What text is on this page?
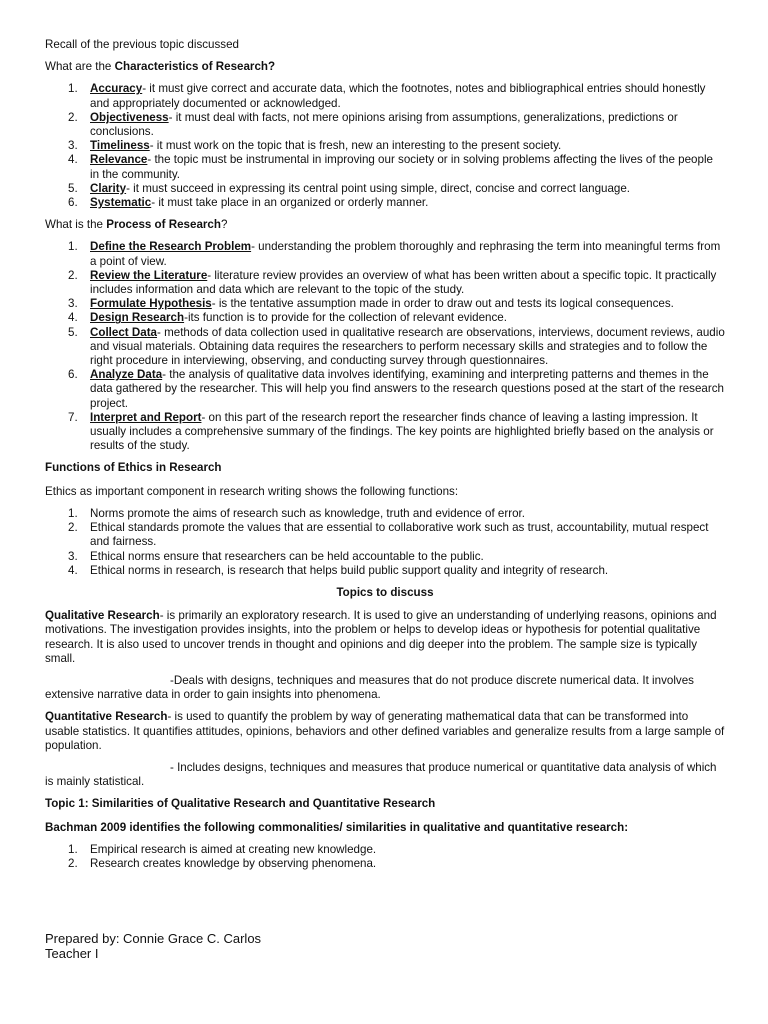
Recall of the previous topic discussed

What are the Characteristics of Research?

1. Accuracy- it must give correct and accurate data, which the footnotes, notes and bibliographical entries should honestly and appropriately documented or acknowledged.
2. Objectiveness- it must deal with facts, not mere opinions arising from assumptions, generalizations, predictions or conclusions.
3. Timeliness- it must work on the topic that is fresh, new an interesting to the present society.
4. Relevance- the topic must be instrumental in improving our society or in solving problems affecting the lives of the people in the community.
5. Clarity- it must succeed in expressing its central point using simple, direct, concise and correct language.
6. Systematic- it must take place in an organized or orderly manner.

What is the Process of Research?

1. Define the Research Problem- understanding the problem thoroughly and rephrasing the term into meaningful terms from a point of view.
2. Review the Literature- literature review provides an overview of what has been written about a specific topic. It practically includes information and data which are relevant to the topic of the study.
3. Formulate Hypothesis- is the tentative assumption made in order to draw out and tests its logical consequences.
4. Design Research-its function is to provide for the collection of relevant evidence.
5. Collect Data- methods of data collection used in qualitative research are observations, interviews, document reviews, audio and visual materials. Obtaining data requires the researchers to perform necessary skills and strategies and to follow the right procedure in interviewing, observing, and conducting survey through questionnaires.
6. Analyze Data- the analysis of qualitative data involves identifying, examining and interpreting patterns and themes in the data gathered by the researcher. This will help you find answers to the research questions posed at the start of the research project.
7. Interpret and Report- on this part of the research report the researcher finds chance of leaving a lasting impression. It usually includes a comprehensive summary of the findings. The key points are highlighted briefly based on the analysis or results of the study.

Functions of Ethics in Research

Ethics as important component in research writing shows the following functions:

1. Norms promote the aims of research such as knowledge, truth and evidence of error.
2. Ethical standards promote the values that are essential to collaborative work such as trust, accountability, mutual respect and fairness.
3. Ethical norms ensure that researchers can be held accountable to the public.
4. Ethical norms in research, is research that helps build public support quality and integrity of research.

Topics to discuss

Qualitative Research- is primarily an exploratory research. It is used to give an understanding of underlying reasons, opinions and motivations. The investigation provides insights, into the problem or helps to develop ideas or hypothesis for potential qualitative research. It is also used to uncover trends in thought and opinions and dig deeper into the problem. The sample size is typically small.

-Deals with designs, techniques and measures that do not produce discrete numerical data. It involves extensive narrative data in order to gain insights into phenomena.

Quantitative Research- is used to quantify the problem by way of generating mathematical data that can be transformed into usable statistics. It quantifies attitudes, opinions, behaviors and other defined variables and generalize results from a large sample of population.

- Includes designs, techniques and measures that produce numerical or quantitative data analysis of which is mainly statistical.

Topic 1: Similarities of Qualitative Research and Quantitative Research

Bachman 2009 identifies the following commonalities/ similarities in qualitative and quantitative research:

1. Empirical research is aimed at creating new knowledge.
2. Research creates knowledge by observing phenomena.
Prepared by: Connie Grace C. Carlos
Teacher I
